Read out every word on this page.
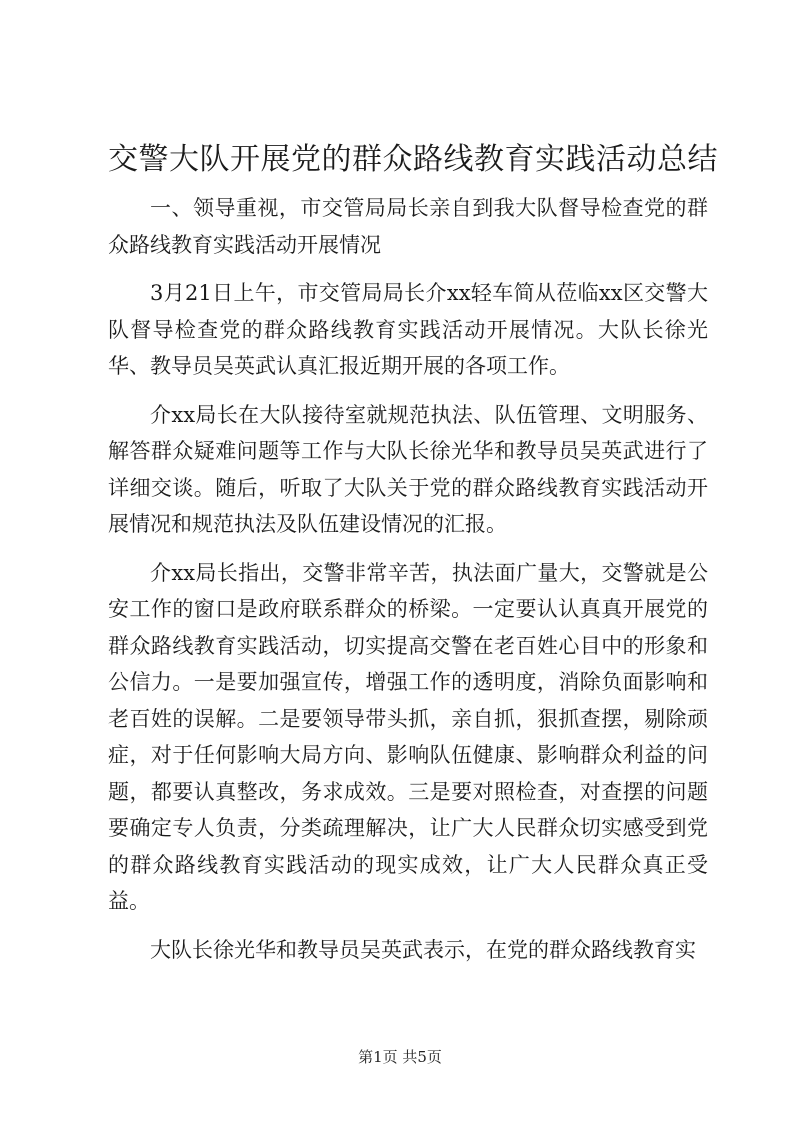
交警大队开展党的群众路线教育实践活动总结

一、领导重视，市交管局局长亲自到我大队督导检查党的群众路线教育实践活动开展情况

3月21日上午，市交管局局长介xx轻车简从莅临xx区交警大队督导检查党的群众路线教育实践活动开展情况。大队长徐光华、教导员吴英武认真汇报近期开展的各项工作。

介xx局长在大队接待室就规范执法、队伍管理、文明服务、解答群众疑难问题等工作与大队长徐光华和教导员吴英武进行了详细交谈。随后，听取了大队关于党的群众路线教育实践活动开展情况和规范执法及队伍建设情况的汇报。

介xx局长指出，交警非常辛苦，执法面广量大，交警就是公安工作的窗口是政府联系群众的桥梁。一定要认认真真开展党的群众路线教育实践活动，切实提高交警在老百姓心目中的形象和公信力。一是要加强宣传，增强工作的透明度，消除负面影响和老百姓的误解。二是要领导带头抓，亲自抓，狠抓查摆，剔除顽症，对于任何影响大局方向、影响队伍健康、影响群众利益的问题，都要认真整改，务求成效。三是要对照检查，对查摆的问题要确定专人负责，分类疏理解决，让广大人民群众切实感受到党的群众路线教育实践活动的现实成效，让广大人民群众真正受益。

大队长徐光华和教导员吴英武表示，在党的群众路线教育实

第1页 共5页
